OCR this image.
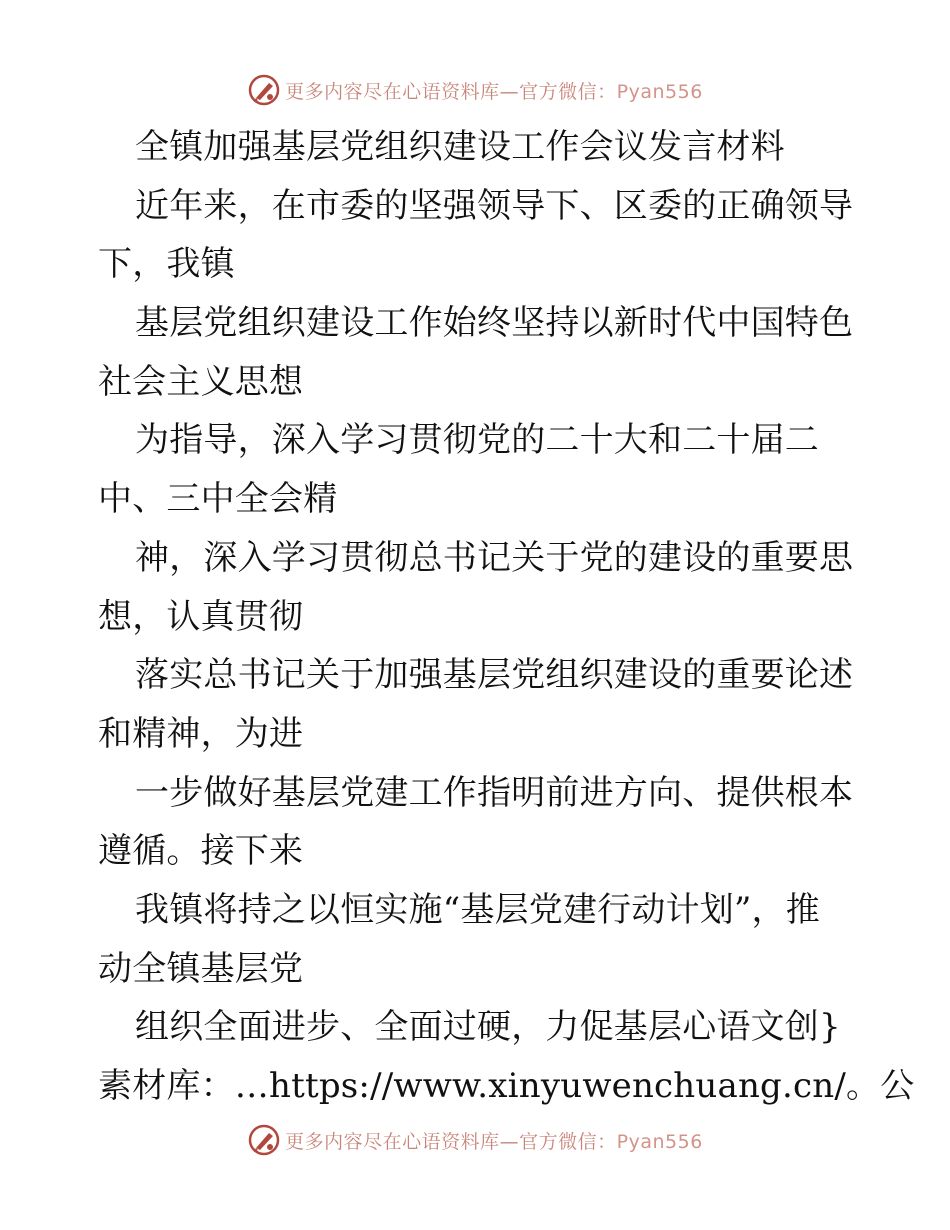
更多内容尽在心语资料库—官方微信：Pyan556
全镇加强基层党组织建设工作会议发言材料
近年来，在市委的坚强领导下、区委的正确领导
下，我镇
基层党组织建设工作始终坚持以新时代中国特色
社会主义思想
为指导，深入学习贯彻党的二十大和二十届二
中、三中全会精
神，深入学习贯彻总书记关于党的建设的重要思
想，认真贯彻
落实总书记关于加强基层党组织建设的重要论述
和精神，为进
一步做好基层党建工作指明前进方向、提供根本
遵循。接下来
我镇将持之以恒实施“基层党建行动计划”，推
动全镇基层党
组织全面进步、全面过硬，力促基层心语文创}
素材库：…https://www.xinyuwenchuang.cn/。公
更多内容尽在心语资料库—官方微信：Pyan556
